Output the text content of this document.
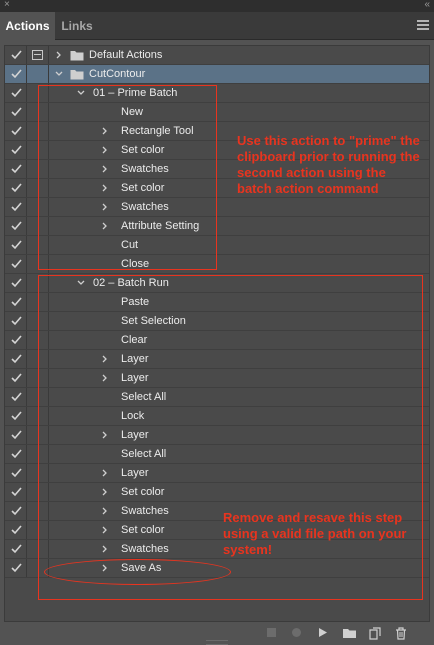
×	«
Actions Links
Default Actions
CutContour
01 – Prime Batch
New
Rectangle Tool
Set color
Swatches
Set color
Swatches
Attribute Setting
Cut
Close
02 – Batch Run
Paste
Set Selection
Clear
Layer
Layer
Select All
Lock
Layer
Select All
Layer
Set color
Swatches
Set color
Swatches
Save As
Use this action to "prime" the clipboard prior to running the second action using the batch action command
Remove and resave this step using a valid file path on your system!
